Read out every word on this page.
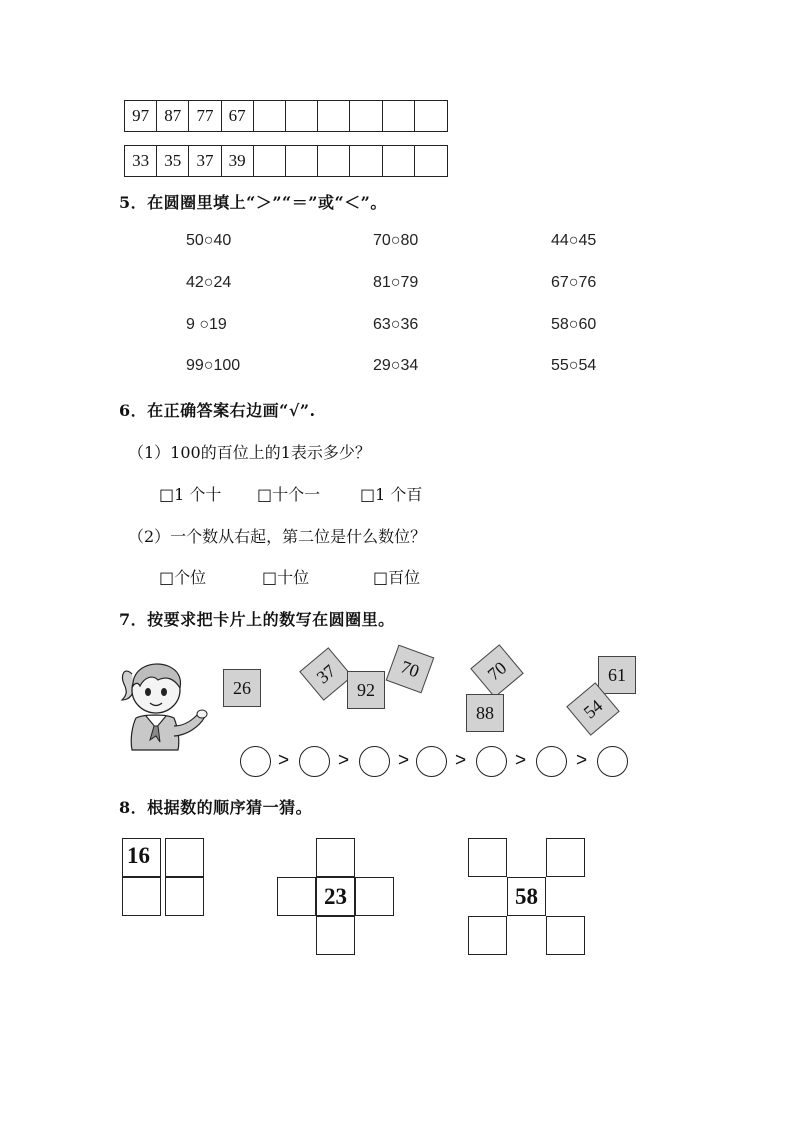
97 87 77 67
33 35 37 39
5．在圆圈里填上“＞”“＝”或“＜”。
50○40	70○80	44○45
42○24	81○79	67○76
9 ○19	63○36	58○60
99○100	29○34	55○54
6．在正确答案右边画“√”.
（1）100的百位上的1表示多少？
□1 个十 □十个一 □1 个百
（2）一个数从右起，第二位是什么数位？
□个位	□十位	□百位
7．按要求把卡片上的数写在圆圈里。
26
37
92
70	70
88
61
54
>	>	> >	>	>
8．根据数的顺序猜一猜。
16
23	58
